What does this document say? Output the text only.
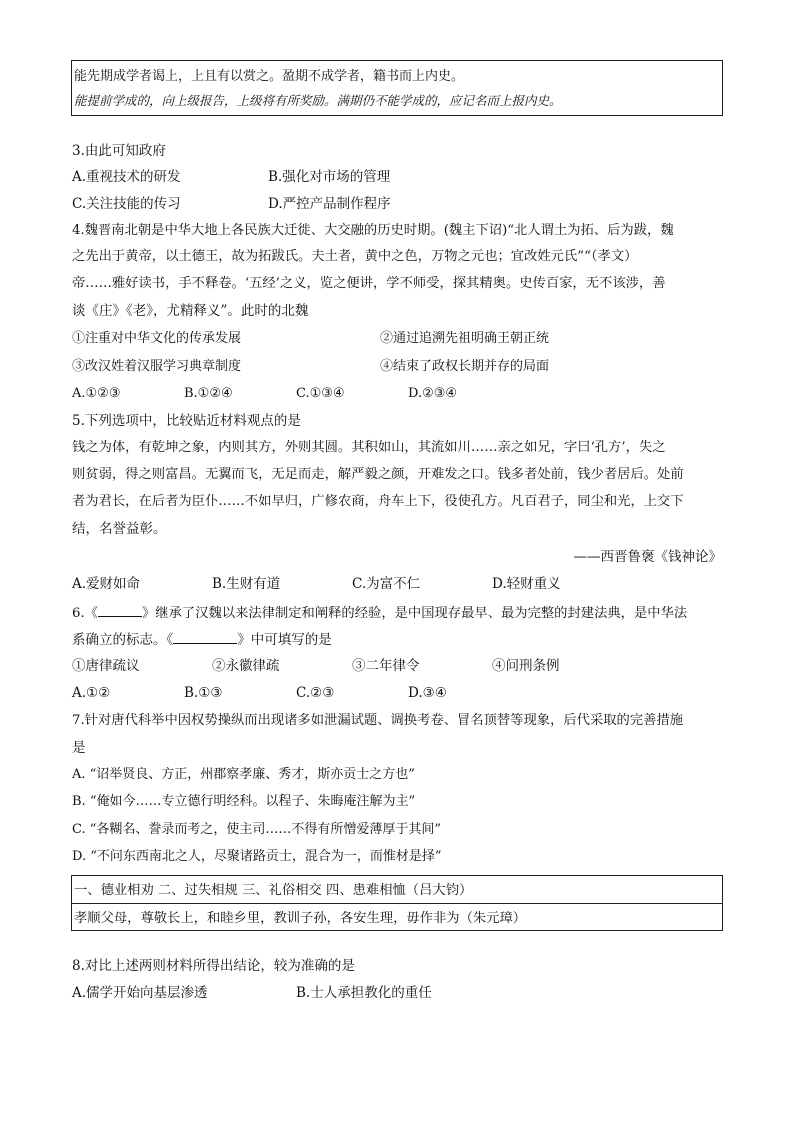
能先期成学者谒上，上且有以赏之。盈期不成学者，籍书而上内史。
能提前学成的，向上级报告，上级将有所奖励。满期仍不能学成的，应记名而上报内史。
3.由此可知政府
A.重视技术的研发	B.强化对市场的管理
C.关注技能的传习	D.严控产品制作程序
4.魏晋南北朝是中华大地上各民族大迁徙、大交融的历史时期。(魏主下诏)“北人谓土为拓、后为跋，魏
之先出于黄帝，以土德王，故为拓跋氏。夫土者，黄中之色，万物之元也；宜改姓元氏”“（孝文）
帝……雅好读书，手不释卷。‘五经’之义，览之便讲，学不师受，探其精奥。史传百家，无不该涉，善
谈《庄》《老》，尤精释义”。此时的北魏
①注重对中华文化的传承发展	②通过追溯先祖明确王朝正统
③改汉姓着汉服学习典章制度	④结束了政权长期并存的局面
A.①②③	B.①②④	C.①③④	D.②③④
5.下列选项中，比较贴近材料观点的是
钱之为体，有乾坤之象，内则其方，外则其圆。其积如山，其流如川……亲之如兄，字曰‘孔方’，失之
则贫弱，得之则富昌。无翼而飞，无足而走，解严毅之颜，开难发之口。钱多者处前，钱少者居后。处前
者为君长，在后者为臣仆……不如早归，广修农商，舟车上下，役使孔方。凡百君子，同尘和光，上交下
结，名誉益彰。
——西晋鲁褒《钱神论》
A.爱财如命	B.生财有道	C.为富不仁	D.轻财重义
6.《	》继承了汉魏以来法律制定和阐释的经验，是中国现存最早、最为完整的封建法典，是中华法
系确立的标志。《	》中可填写的是
①唐律疏议	②永徽律疏	③二年律令	④问刑条例
A.①②	B.①③	C.②③	D.③④
7.针对唐代科举中因权势操纵而出现诸多如泄漏试题、调换考卷、冒名顶替等现象，后代采取的完善措施
是
A. “诏举贤良、方正，州郡察孝廉、秀才，斯亦贡士之方也”
B. “俺如今……专立德行明经科。以程子、朱晦庵注解为主”
C. “各糊名、誊录而考之，使主司……不得有所憎爱薄厚于其间”
D. “不问东西南北之人，尽聚诸路贡士，混合为一，而惟材是择”
一、德业相劝 二、过失相规 三、礼俗相交 四、患难相恤（吕大钧）
孝顺父母，尊敬长上，和睦乡里，教训子孙，各安生理，毋作非为（朱元璋）
8.对比上述两则材料所得出结论，较为准确的是
A.儒学开始向基层渗透	B.士人承担教化的重任
